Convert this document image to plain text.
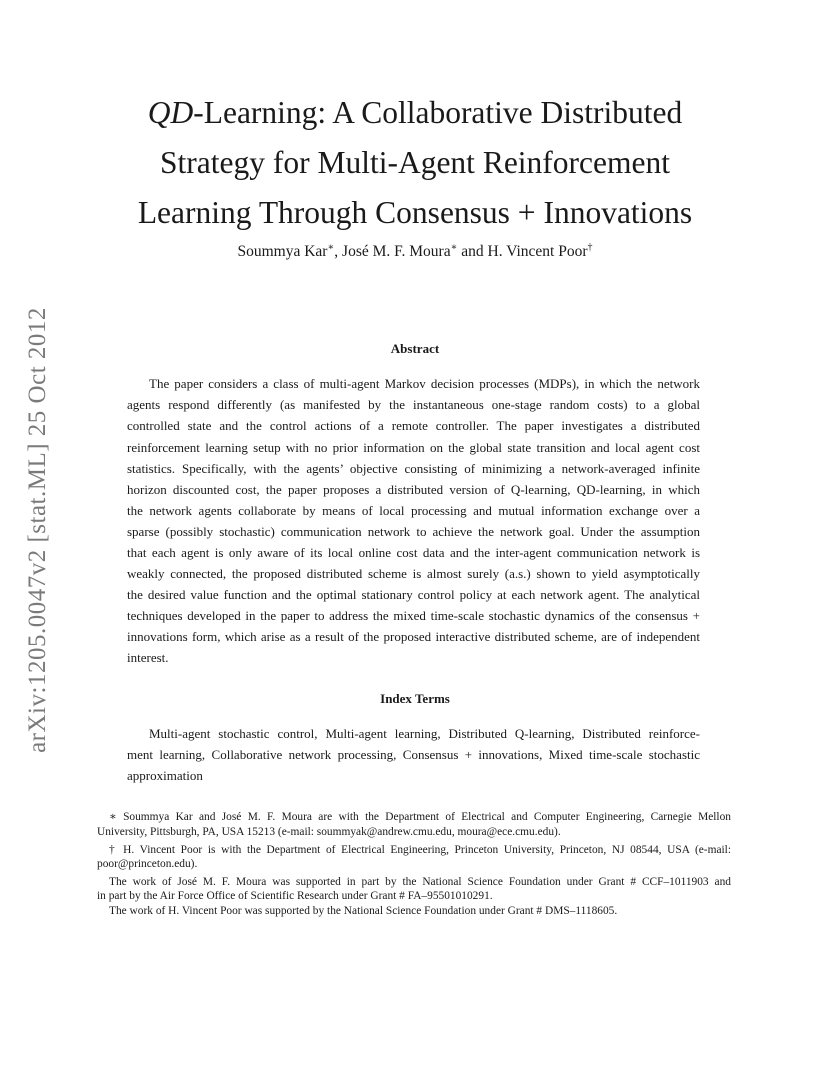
arXiv:1205.0047v2 [stat.ML] 25 Oct 2012
QD-Learning: A Collaborative Distributed
Strategy for Multi-Agent Reinforcement
Learning Through Consensus + Innovations

Soummya Kar∗, José M. F. Moura∗ and H. Vincent Poor†

Abstract

The paper considers a class of multi-agent Markov decision processes (MDPs), in which the network

agents respond differently (as manifested by the instantaneous one-stage random costs) to a global

controlled state and the control actions of a remote controller. The paper investigates a distributed

reinforcement learning setup with no prior information on the global state transition and local agent cost

statistics. Specifically, with the agents’ objective consisting of minimizing a network-averaged infinite

horizon discounted cost, the paper proposes a distributed version of Q-learning, QD-learning, in which

the network agents collaborate by means of local processing and mutual information exchange over a

sparse (possibly stochastic) communication network to achieve the network goal. Under the assumption

that each agent is only aware of its local online cost data and the inter-agent communication network is

weakly connected, the proposed distributed scheme is almost surely (a.s.) shown to yield asymptotically

the desired value function and the optimal stationary control policy at each network agent. The analytical

techniques developed in the paper to address the mixed time-scale stochastic dynamics of the consensus +

innovations form, which arise as a result of the proposed interactive distributed scheme, are of independent

interest.

Index Terms

Multi-agent stochastic control, Multi-agent learning, Distributed Q-learning, Distributed reinforce-

ment learning, Collaborative network processing, Consensus + innovations, Mixed time-scale stochastic

approximation

∗ Soummya Kar and José M. F. Moura are with the Department of Electrical and Computer Engineering, Carnegie Mellon

University, Pittsburgh, PA, USA 15213 (e-mail: soummyak@andrew.cmu.edu, moura@ece.cmu.edu).

† H. Vincent Poor is with the Department of Electrical Engineering, Princeton University, Princeton, NJ 08544, USA (e-mail:

poor@princeton.edu).

The work of José M. F. Moura was supported in part by the National Science Foundation under Grant # CCF–1011903 and

in part by the Air Force Office of Scientific Research under Grant # FA–95501010291.

The work of H. Vincent Poor was supported by the National Science Foundation under Grant # DMS–1118605.
